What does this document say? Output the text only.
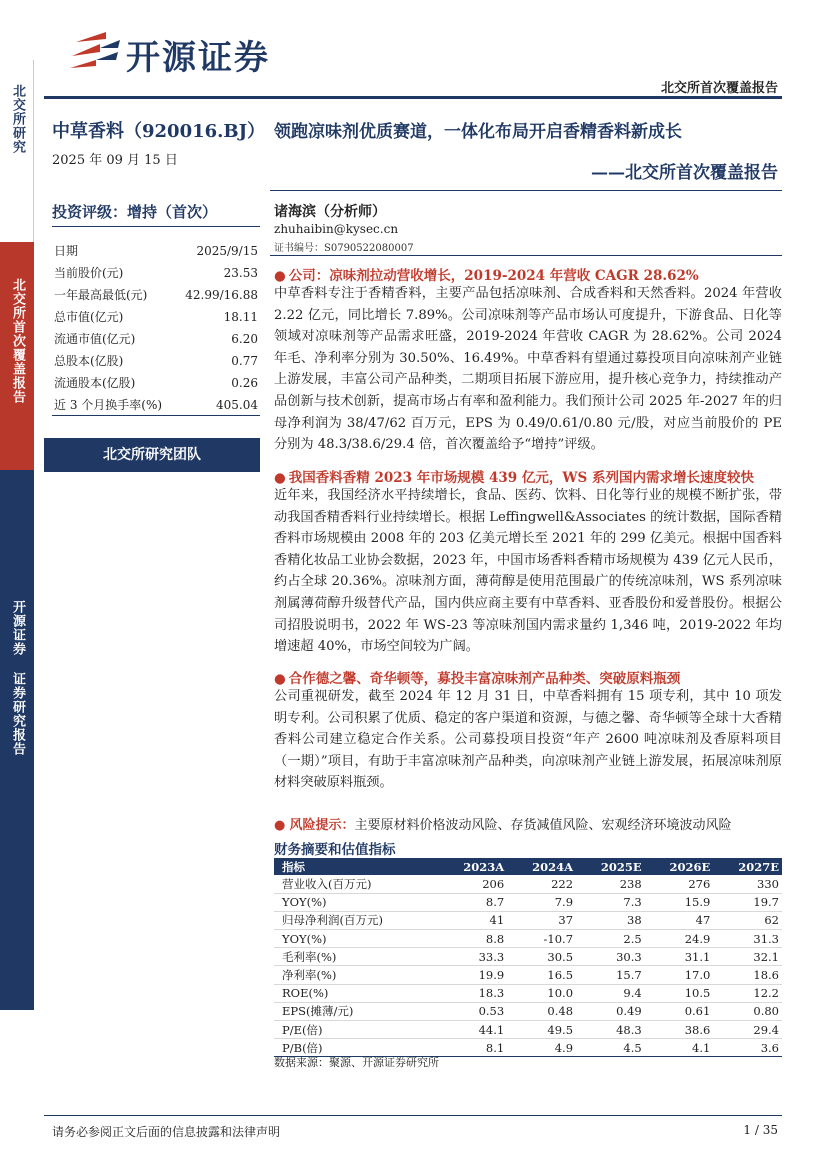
北交所研究
北交所首次覆盖报告
开源证券 证券研究报告
开源证券
北交所首次覆盖报告
中草香料（920016.BJ）
2025 年 09 月 15 日
投资评级：增持（首次）
日期	2025/9/15
当前股价(元)	23.53
一年最高最低(元)	42.99/16.88
总市值(亿元)	18.11
流通市值(亿元)	6.20
总股本(亿股)	0.77
流通股本(亿股)	0.26
近 3 个月换手率(%)	405.04
北交所研究团队
领跑凉味剂优质赛道，一体化布局开启香精香料新成长
——北交所首次覆盖报告
诸海滨（分析师）
zhuhaibin@kysec.cn
证书编号：S0790522080007
● 公司：凉味剂拉动营收增长，2019-2024 年营收 CAGR 28.62%
中草香料专注于香精香料，主要产品包括凉味剂、合成香料和天然香料。2024 年营收 2.22 亿元，同比增长 7.89%。公司凉味剂等产品市场认可度提升，下游食品、日化等领域对凉味剂等产品需求旺盛，2019-2024 年营收 CAGR 为 28.62%。公司 2024 年毛、净利率分别为 30.50%、16.49%。中草香料有望通过募投项目向凉味剂产业链上游发展，丰富公司产品种类，二期项目拓展下游应用，提升核心竞争力，持续推动产品创新与技术创新，提高市场占有率和盈利能力。我们预计公司 2025 年-2027 年的归母净利润为 38/47/62 百万元，EPS 为 0.49/0.61/0.80 元/股，对应当前股价的 PE 分别为 48.3/38.6/29.4 倍，首次覆盖给予“增持”评级。
● 我国香料香精 2023 年市场规模 439 亿元，WS 系列国内需求增长速度较快
近年来，我国经济水平持续增长，食品、医药、饮料、日化等行业的规模不断扩张，带动我国香精香料行业持续增长。根据 Leffingwell&Associates 的统计数据，国际香精香料市场规模由 2008 年的 203 亿美元增长至 2021 年的 299 亿美元。根据中国香料香精化妆品工业协会数据，2023 年，中国市场香料香精市场规模为 439 亿元人民币，约占全球 20.36%。凉味剂方面，薄荷醇是使用范围最广的传统凉味剂，WS 系列凉味剂属薄荷醇升级替代产品，国内供应商主要有中草香料、亚香股份和爱普股份。根据公司招股说明书，2022 年 WS-23 等凉味剂国内需求量约 1,346 吨，2019-2022 年均增速超 40%，市场空间较为广阔。
● 合作德之馨、奇华顿等，募投丰富凉味剂产品种类、突破原料瓶颈
公司重视研发，截至 2024 年 12 月 31 日，中草香料拥有 15 项专利，其中 10 项发明专利。公司积累了优质、稳定的客户渠道和资源，与德之馨、奇华顿等全球十大香精香料公司建立稳定合作关系。公司募投项目投资“年产 2600 吨凉味剂及香原料项目（一期）”项目，有助于丰富凉味剂产品种类，向凉味剂产业链上游发展，拓展凉味剂原材料突破原料瓶颈。
● 风险提示：主要原材料价格波动风险、存货减值风险、宏观经济环境波动风险
财务摘要和估值指标
指标	2023A	2024A	2025E	2026E	2027E
营业收入(百万元)	206	222	238	276	330
YOY(%)	8.7	7.9	7.3	15.9	19.7
归母净利润(百万元)	41	37	38	47	62
YOY(%)	8.8	-10.7	2.5	24.9	31.3
毛利率(%)	33.3	30.5	30.3	31.1	32.1
净利率(%)	19.9	16.5	15.7	17.0	18.6
ROE(%)	18.3	10.0	9.4	10.5	12.2
EPS(摊薄/元)	0.53	0.48	0.49	0.61	0.80
P/E(倍)	44.1	49.5	48.3	38.6	29.4
P/B(倍)	8.1	4.9	4.5	4.1	3.6
数据来源：聚源、开源证券研究所
请务必参阅正文后面的信息披露和法律声明	1 / 35
